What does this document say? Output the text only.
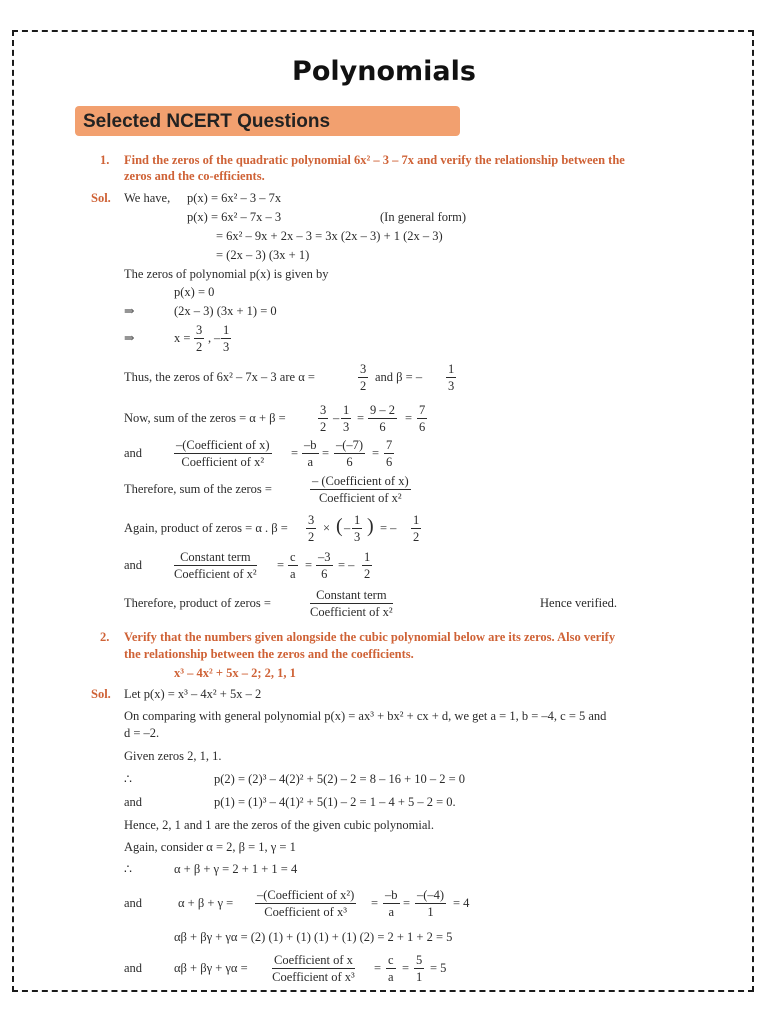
Polynomials
Selected NCERT Questions
1. Find the zeros of the quadratic polynomial 6x² – 3 – 7x and verify the relationship between the
zeros and the co-efficients.
Sol. We have, p(x) = 6x² – 3 – 7x
p(x) = 6x² – 7x – 3	(In general form)
= 6x² – 9x + 2x – 3 = 3x (2x – 3) + 1 (2x – 3)
= (2x – 3) (3x + 1)
The zeros of polynomial p(x) is given by
p(x) = 0
⇒	(2x – 3) (3x + 1) = 0
⇒	$x = \frac{3}{2}$ , – $\frac{1}{3}$
Thus, the zeros of 6x² – 7x – 3 are α =	$\frac{3}{2}$ and β = – $\frac{1}{3}$
Now, sum of the zeros = α + β =	$\frac{3}{2} - \frac{1}{3} = \frac{9 - 2}{6} = \frac{7}{6}$
and
–(Coefficient of x)
Coefficient of x²
= $\frac{-b}{a} = \frac{-(-7)}{6} = \frac{7}{6}$
Therefore, sum of the zeros =
– (Coefficient of x)
Coefficient of x²
Again, product of zeros = α . $\beta = \frac{3}{2}$ × ( – $\frac{1}{3}$ ) = – $\frac{1}{2}$
and
Constant term
Coefficient of x²
= $\frac{c}{a} = \frac{-3}{6}$ = – $\frac{1}{2}$
Therefore, product of zeros =
Constant term
Coefficient of x²
Hence verified.
2. Verify that the numbers given alongside the cubic polynomial below are its zeros. Also verify
the relationship between the zeros and the coefficients.
x³ – 4x² + 5x – 2; 2, 1, 1
Sol. Let p(x) = x³ – 4x² + 5x – 2
On comparing with general polynomial p(x) = ax³ + bx² + cx + d, we get a = 1, b = –4, c = 5 and
d = –2.
Given zeros 2, 1, 1.
∴	p(2) = (2)³ – 4(2)² + 5(2) – 2 = 8 – 16 + 10 – 2 = 0
and	p(1) = (1)³ – 4(1)² + 5(1) – 2 = 1 – 4 + 5 – 2 = 0.
Hence, 2, 1 and 1 are the zeros of the given cubic polynomial.
Again, consider α = 2, β = 1, γ = 1
∴	α + β + γ = 2 + 1 + 1 = 4
and	α + β + γ =
–(Coefficient of x²)
Coefficient of x³
= $\frac{-b}{a} = \frac{-(-4)}{1} = 4$
αβ + βγ + γα = (2) (1) + (1) (1) + (1) (2) = 2 + 1 + 2 = 5
and	αβ + βγ + γα =
Coefficient of x
Coefficient of x³
= $\frac{c}{a} = \frac{5}{1} = 5$
